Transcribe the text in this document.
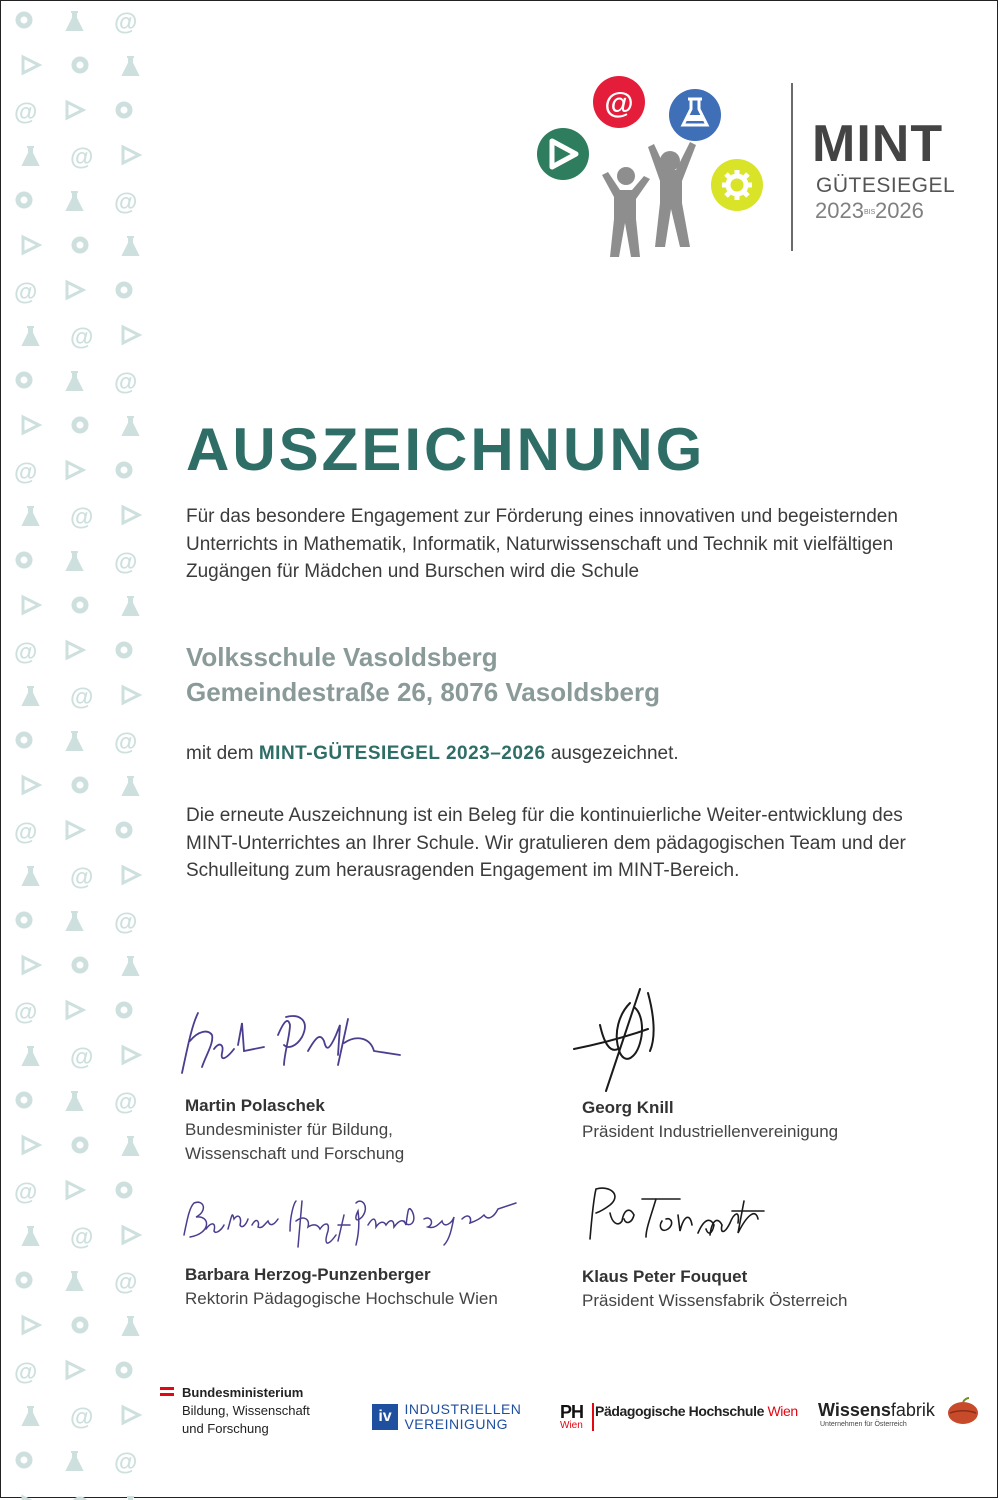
@
@
@
@
@
@
@
@
@
@
@
@
@
@
@
@
@
@
@
@
@
@
@
@
@
@
MINT
GÜTESIEGEL
2023BIS2026
AUSZEICHNUNG
Für das besondere Engagement zur Förderung eines innovativen und begeisternden Unterrichts in Mathematik, Informatik, Naturwissenschaft und Technik mit vielfältigen Zugängen für Mädchen und Burschen wird die Schule
Volksschule Vasoldsberg
Gemeindestraße 26, 8076 Vasoldsberg
mit dem MINT-GÜTESIEGEL 2023–2026 ausgezeichnet.
Die erneute Auszeichnung ist ein Beleg für die kontinuierliche Weiter-entwicklung des MINT-Unterrichtes an Ihrer Schule. Wir gratulieren dem pädagogischen Team und der Schulleitung zum herausragenden Engagement im MINT-Bereich.
Martin Polaschek
Bundesminister für Bildung,
Wissenschaft und Forschung
Georg Knill
Präsident Industriellenvereinigung
Barbara Herzog-Punzenberger
Rektorin Pädagogische Hochschule Wien
Klaus Peter Fouquet
Präsident Wissensfabrik Österreich
Bundesministerium
Bildung, Wissenschaft
und Forschung
iv INDUSTRIELLEN
VEREINIGUNG
PH
Wien
Pädagogische Hochschule Wien Wissensfabrik
Unternehmen für Österreich
